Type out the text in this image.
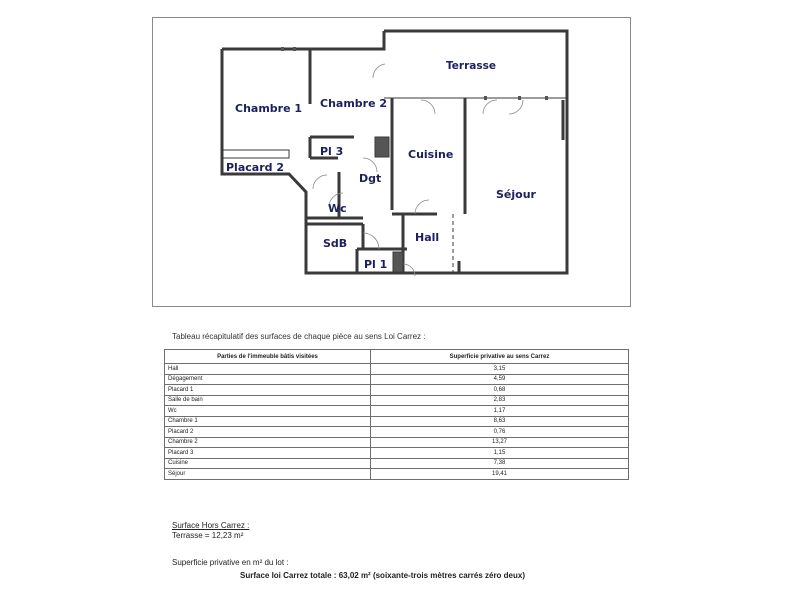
Chambre 1 Chambre 2
Terrasse
Placard 2
Pl 3	Cuisine
Dgt
Séjour
Wc
SdB	Hall
Pl 1
Tableau récapitulatif des surfaces de chaque pièce au sens Loi Carrez :
Parties de l'immeuble bâtis visitées	Superficie privative au sens Carrez
Hall	3,15
Dégagement	4,59
Placard 1	0,68
Salle de bain	2,83
Wc	1,17
Chambre 1	8,63
Placard 2	0,76
Chambre 2	13,27
Placard 3	1,15
Cuisine	7,38
Séjour	19,41
Surface Hors Carrez :
Terrasse = 12,23 m²
Superficie privative en m² du lot :
Surface loi Carrez totale : 63,02 m² (soixante-trois mètres carrés zéro deux)
